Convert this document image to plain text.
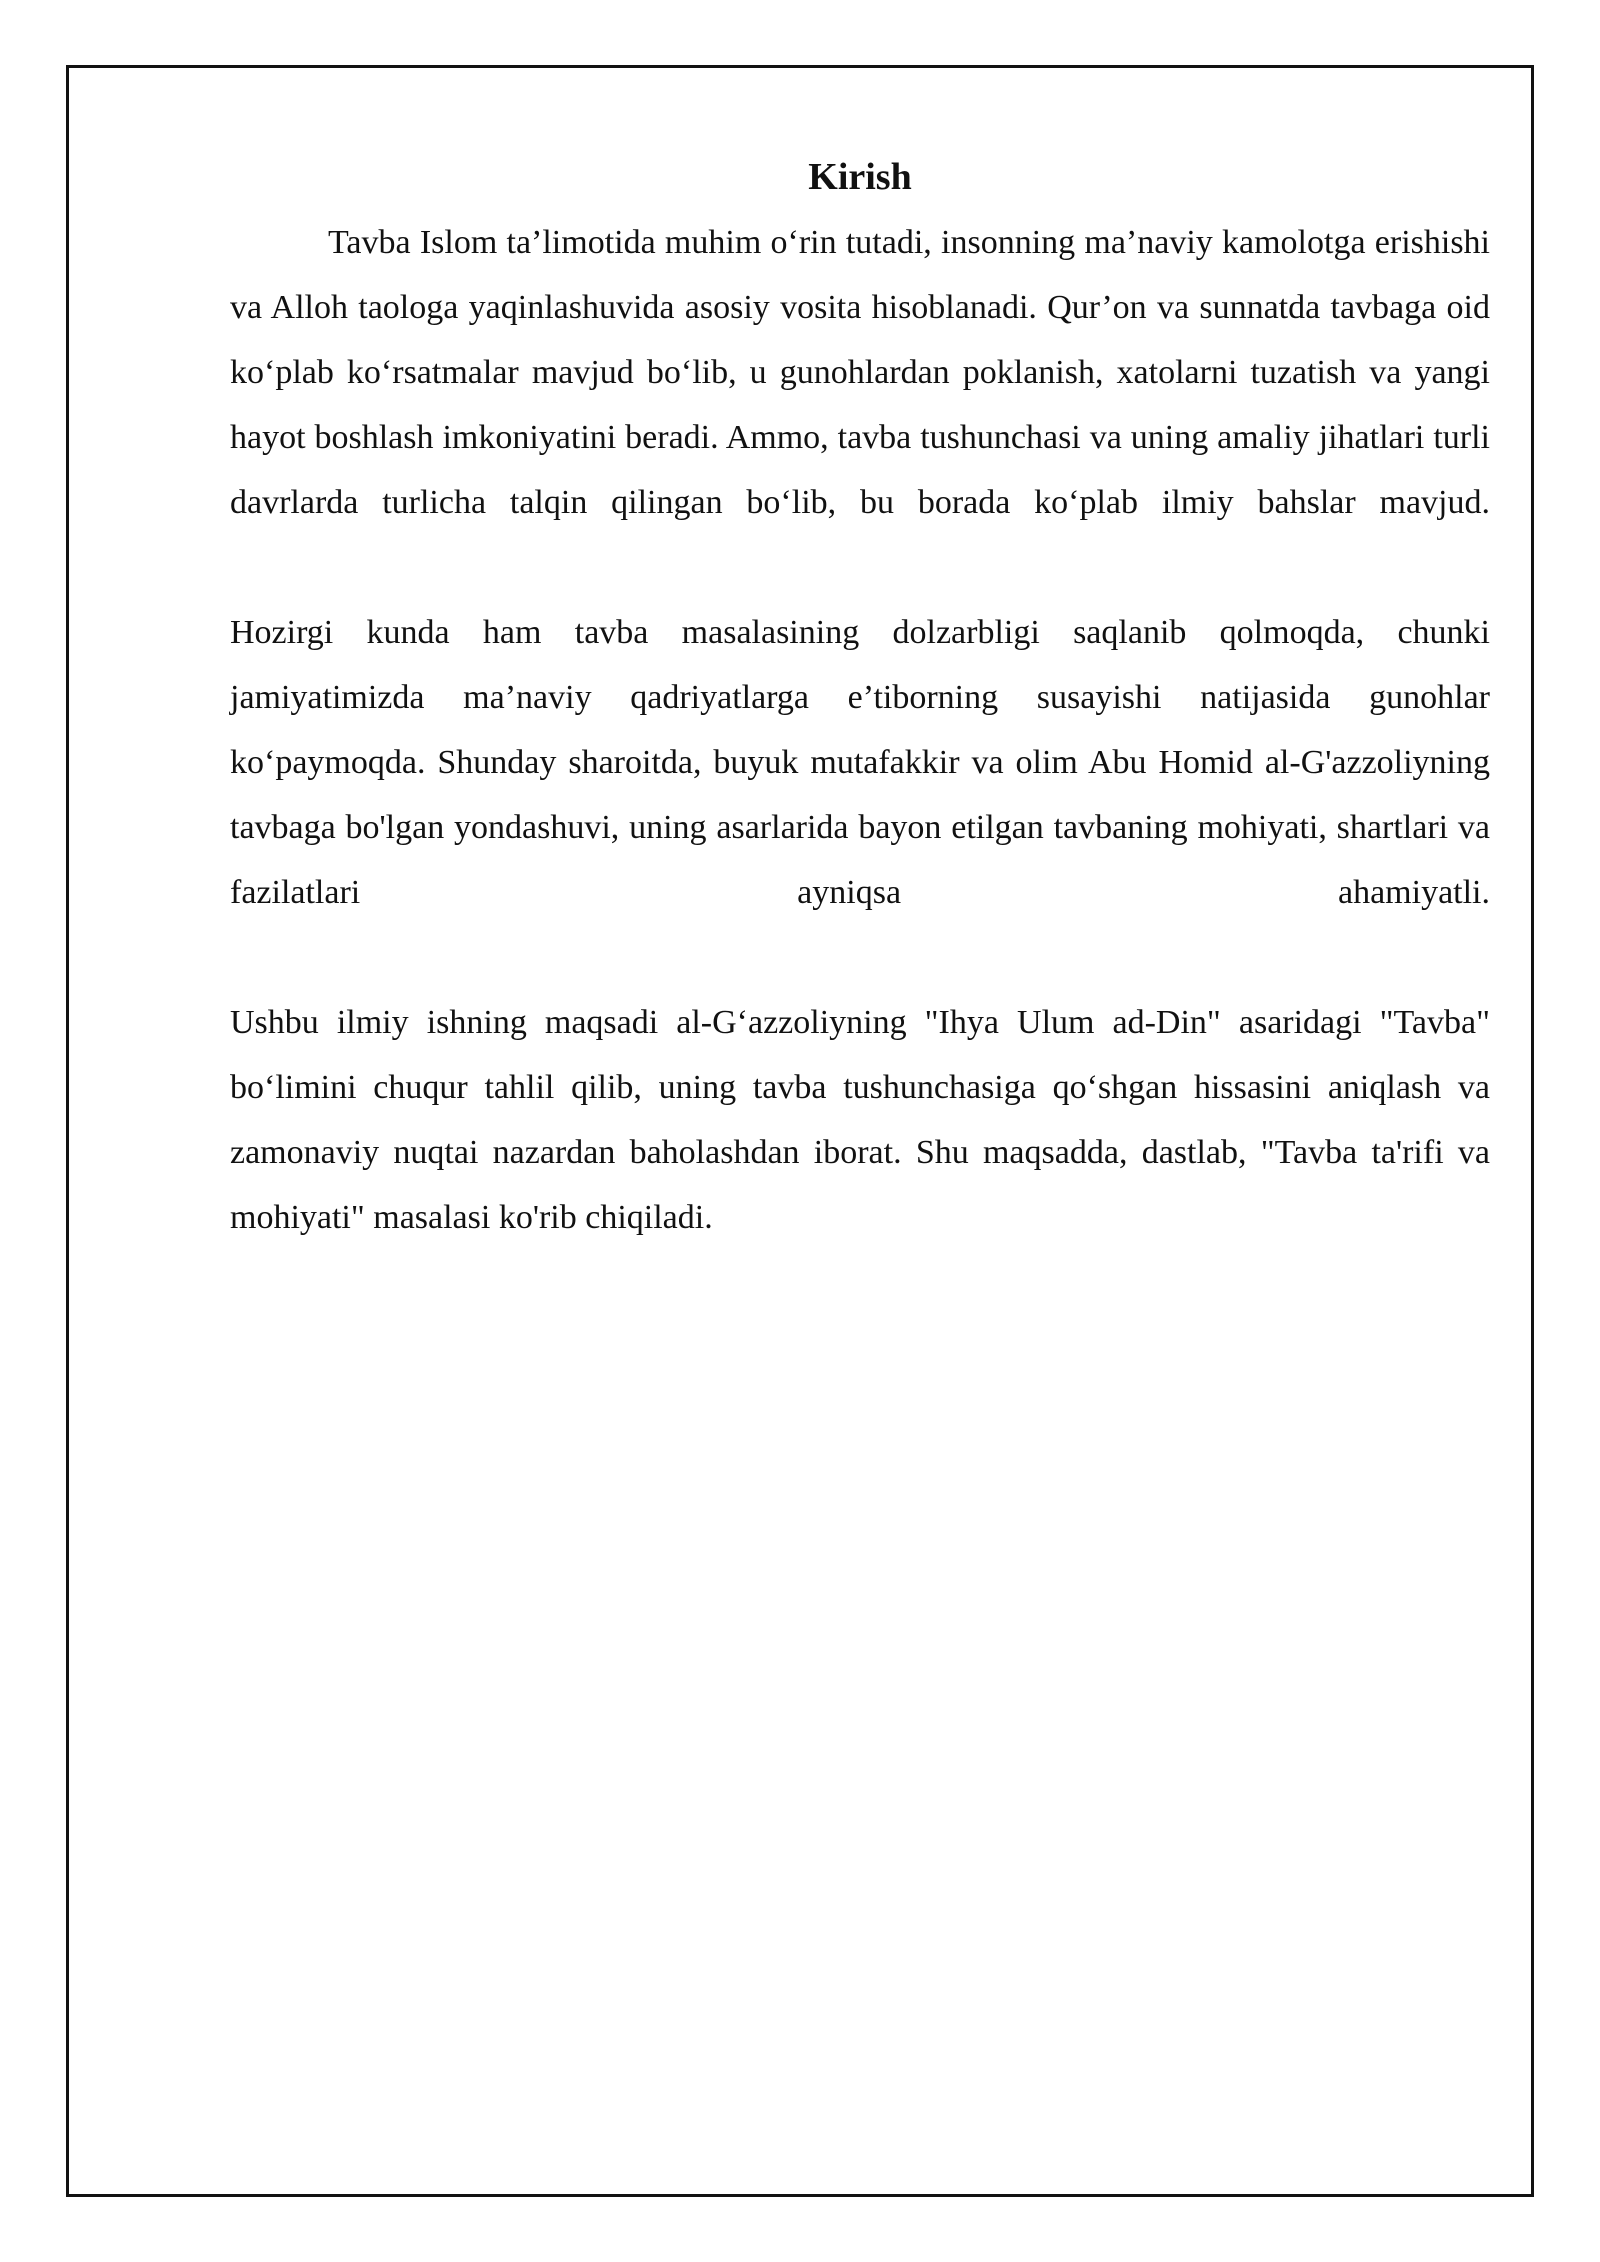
Kirish

Tavba Islom ta’limotida muhim o‘rin tutadi, insonning ma’naviy kamolotga erishishi va Alloh taologa yaqinlashuvida asosiy vosita hisoblanadi. Qur’on va sunnatda tavbaga oid ko‘plab ko‘rsatmalar mavjud bo‘lib, u gunohlardan poklanish, xatolarni tuzatish va yangi hayot boshlash imkoniyatini beradi. Ammo, tavba tushunchasi va uning amaliy jihatlari turli davrlarda turlicha talqin qilingan bo‘lib, bu borada ko‘plab ilmiy bahslar mavjud.

Hozirgi kunda ham tavba masalasining dolzarbligi saqlanib qolmoqda, chunki jamiyatimizda ma’naviy qadriyatlarga e’tiborning susayishi natijasida gunohlar ko‘paymoqda. Shunday sharoitda, buyuk mutafakkir va olim Abu Homid al-G'azzoliyning tavbaga bo'lgan yondashuvi, uning asarlarida bayon etilgan tavbaning mohiyati, shartlari va fazilatlari ayniqsa ahamiyatli.

Ushbu ilmiy ishning maqsadi al-G‘azzoliyning "Ihya Ulum ad-Din" asaridagi "Tavba" bo‘limini chuqur tahlil qilib, uning tavba tushunchasiga qo‘shgan hissasini aniqlash va zamonaviy nuqtai nazardan baholashdan iborat. Shu maqsadda, dastlab, "Tavba ta'rifi va mohiyati" masalasi ko'rib chiqiladi.
